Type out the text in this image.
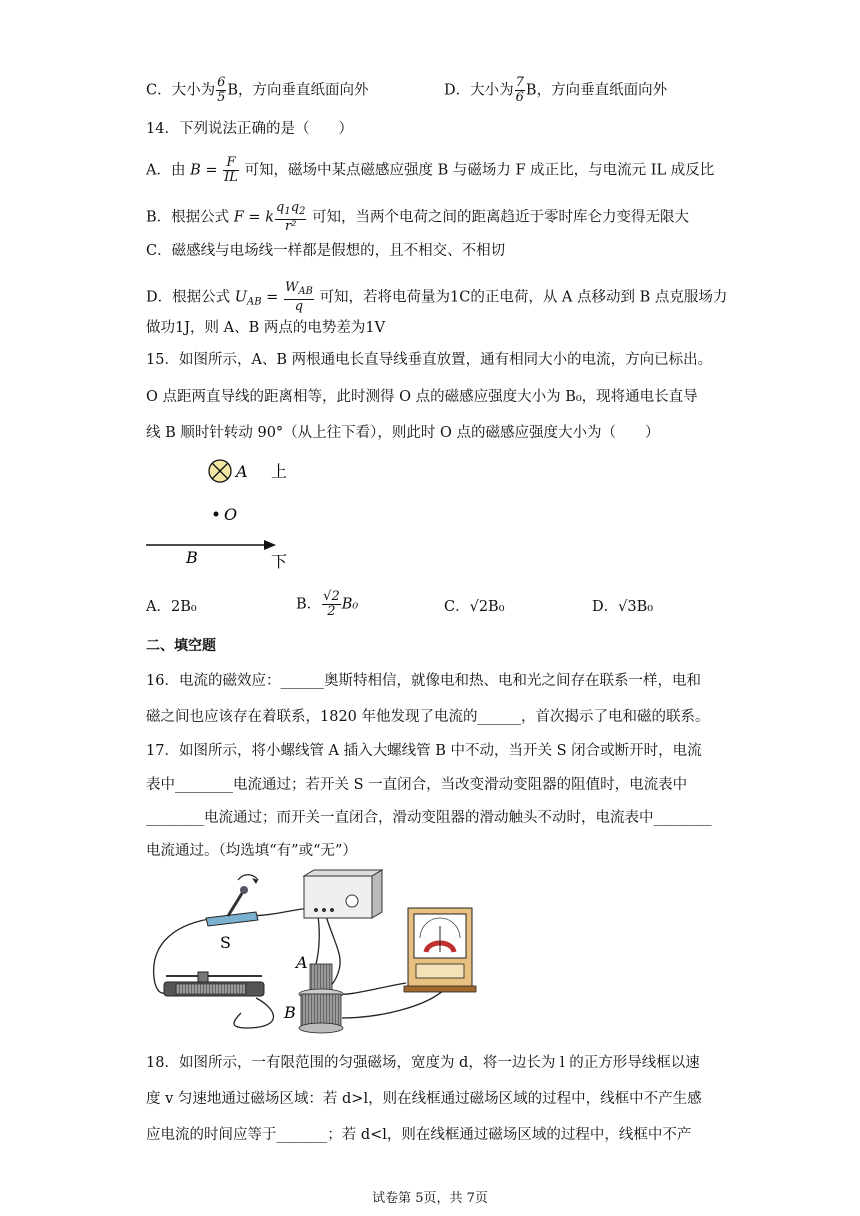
C．大小为 $\frac{6}{5}$ B，方向垂直纸面向外	D．大小为 $\frac{7}{6}$ B，方向垂直纸面向外
14．下列说法正确的是（　　）
A．由 $B = \frac{F}{IL}$ 可知，磁场中某点磁感应强度 B 与磁场力 F 成正比，与电流元 IL 成反比
B．根据公式 F = k $\frac{q_1q_2}{\text{r²}}$ 可知，当两个电荷之间的距离趋近于零时库仑力变得无限大
C．磁感线与电场线一样都是假想的，且不相交、不相切
D．根据公式 $U_{AB} = \frac{W_{AB}}{q}$ 可知，若将电荷量为1C的正电荷，从 A 点移动到 B 点克服场力
做功1J，则 A、B 两点的电势差为1V
15．如图所示，A、B 两根通电长直导线垂直放置，通有相同大小的电流，方向已标出。
O 点距两直导线的距离相等，此时测得 O 点的磁感应强度大小为 B₀，现将通电长直导
线 B 顺时针转动 90°（从上往下看），则此时 O 点的磁感应强度大小为（　　）
A 上
O
B	下
A．2B₀	B． $\frac{√2}{2} B_0$	C．√2B₀	D．√3B₀
二、填空题
16．电流的磁效应：______奥斯特相信，就像电和热、电和光之间存在联系一样，电和
磁之间也应该存在着联系，1820 年他发现了电流的______，首次揭示了电和磁的联系。
17．如图所示，将小螺线管 A 插入大螺线管 B 中不动，当开关 S 闭合或断开时，电流
表中________电流通过；若开关 S 一直闭合，当改变滑动变阻器的阻值时，电流表中
________电流通过；而开关一直闭合，滑动变阻器的滑动触头不动时，电流表中________
电流通过。（均选填“有”或“无”）
S
A
B
18．如图所示，一有限范围的匀强磁场，宽度为 d，将一边长为 l 的正方形导线框以速
度 v 匀速地通过磁场区域：若 d>l，则在线框通过磁场区域的过程中，线框中不产生感
应电流的时间应等于_______；若 d<l，则在线框通过磁场区域的过程中，线框中不产
试卷第 5页，共 7页
